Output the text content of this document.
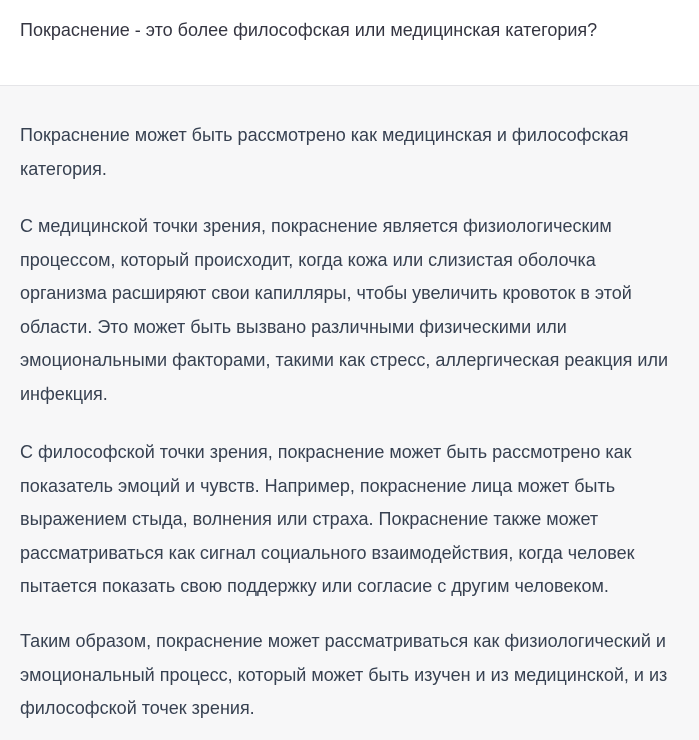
Покраснение - это более философская или медицинская категория?

Покраснение может быть рассмотрено как медицинская и философская категория.

С медицинской точки зрения, покраснение является физиологическим процессом, который происходит, когда кожа или слизистая оболочка организма расширяют свои капилляры, чтобы увеличить кровоток в этой области. Это может быть вызвано различными физическими или эмоциональными факторами, такими как стресс, аллергическая реакция или инфекция.

С философской точки зрения, покраснение может быть рассмотрено как показатель эмоций и чувств. Например, покраснение лица может быть выражением стыда, волнения или страха. Покраснение также может рассматриваться как сигнал социального взаимодействия, когда человек пытается показать свою поддержку или согласие с другим человеком.

Таким образом, покраснение может рассматриваться как физиологический и эмоциональный процесс, который может быть изучен и из медицинской, и из философской точек зрения.
